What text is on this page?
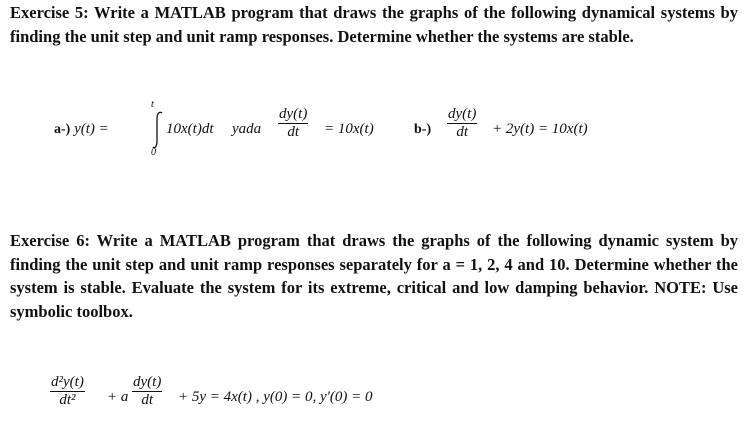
Exercise 5: Write a MATLAB program that draws the graphs of the following dynamical systems by finding the unit step and unit ramp responses. Determine whether the systems are stable.
a-) y(t) =
t
0
10x(t)dt yada $\frac{dy(t)}{dt} = 10x(t)$	$b-) \frac{dy(t)}{dt} + 2y(t) = 10x(t)$
Exercise 6: Write a MATLAB program that draws the graphs of the following dynamic system by finding the unit step and unit ramp responses separately for a = 1, 2, 4 and 10. Determine whether the system is stable. Evaluate the system for its extreme, critical and low damping behavior. NOTE: Use symbolic toolbox.
$\frac{\text{d²y(t)}}{\text{dt²}} + a \frac{dy(t)}{dt} + 5y = 4x(t)$ , y(0) = 0, y'(0) = 0
